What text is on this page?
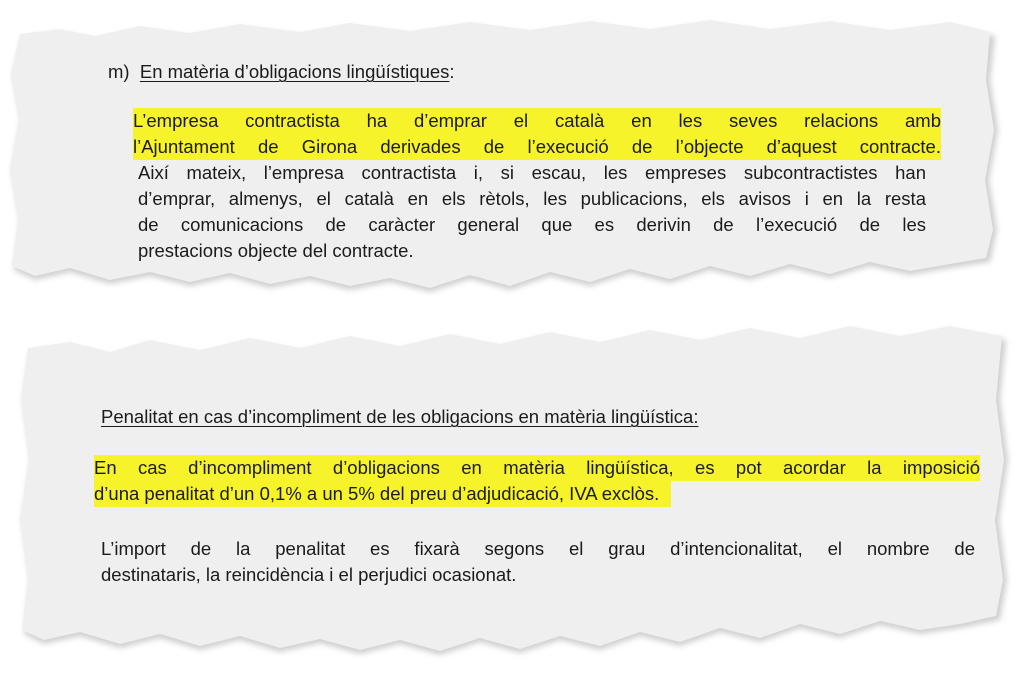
m) En matèria d’obligacions lingüístiques:
L’empresa contractista ha d’emprar el català en les seves relacions amb
l’Ajuntament de Girona derivades de l’execució de l’objecte d’aquest contracte.
Així mateix, l’empresa contractista i, si escau, les empreses subcontractistes han
d’emprar, almenys, el català en els rètols, les publicacions, els avisos i en la resta
de comunicacions de caràcter general que es derivin de l’execució de les
prestacions objecte del contracte.
Penalitat en cas d’incompliment de les obligacions en matèria lingüística:
En cas d’incompliment d’obligacions en matèria lingüística, es pot acordar la imposició
d’una penalitat d’un 0,1% a un 5% del preu d’adjudicació, IVA exclòs.
L’import de la penalitat es fixarà segons el grau d’intencionalitat, el nombre de
destinataris, la reincidència i el perjudici ocasionat.
